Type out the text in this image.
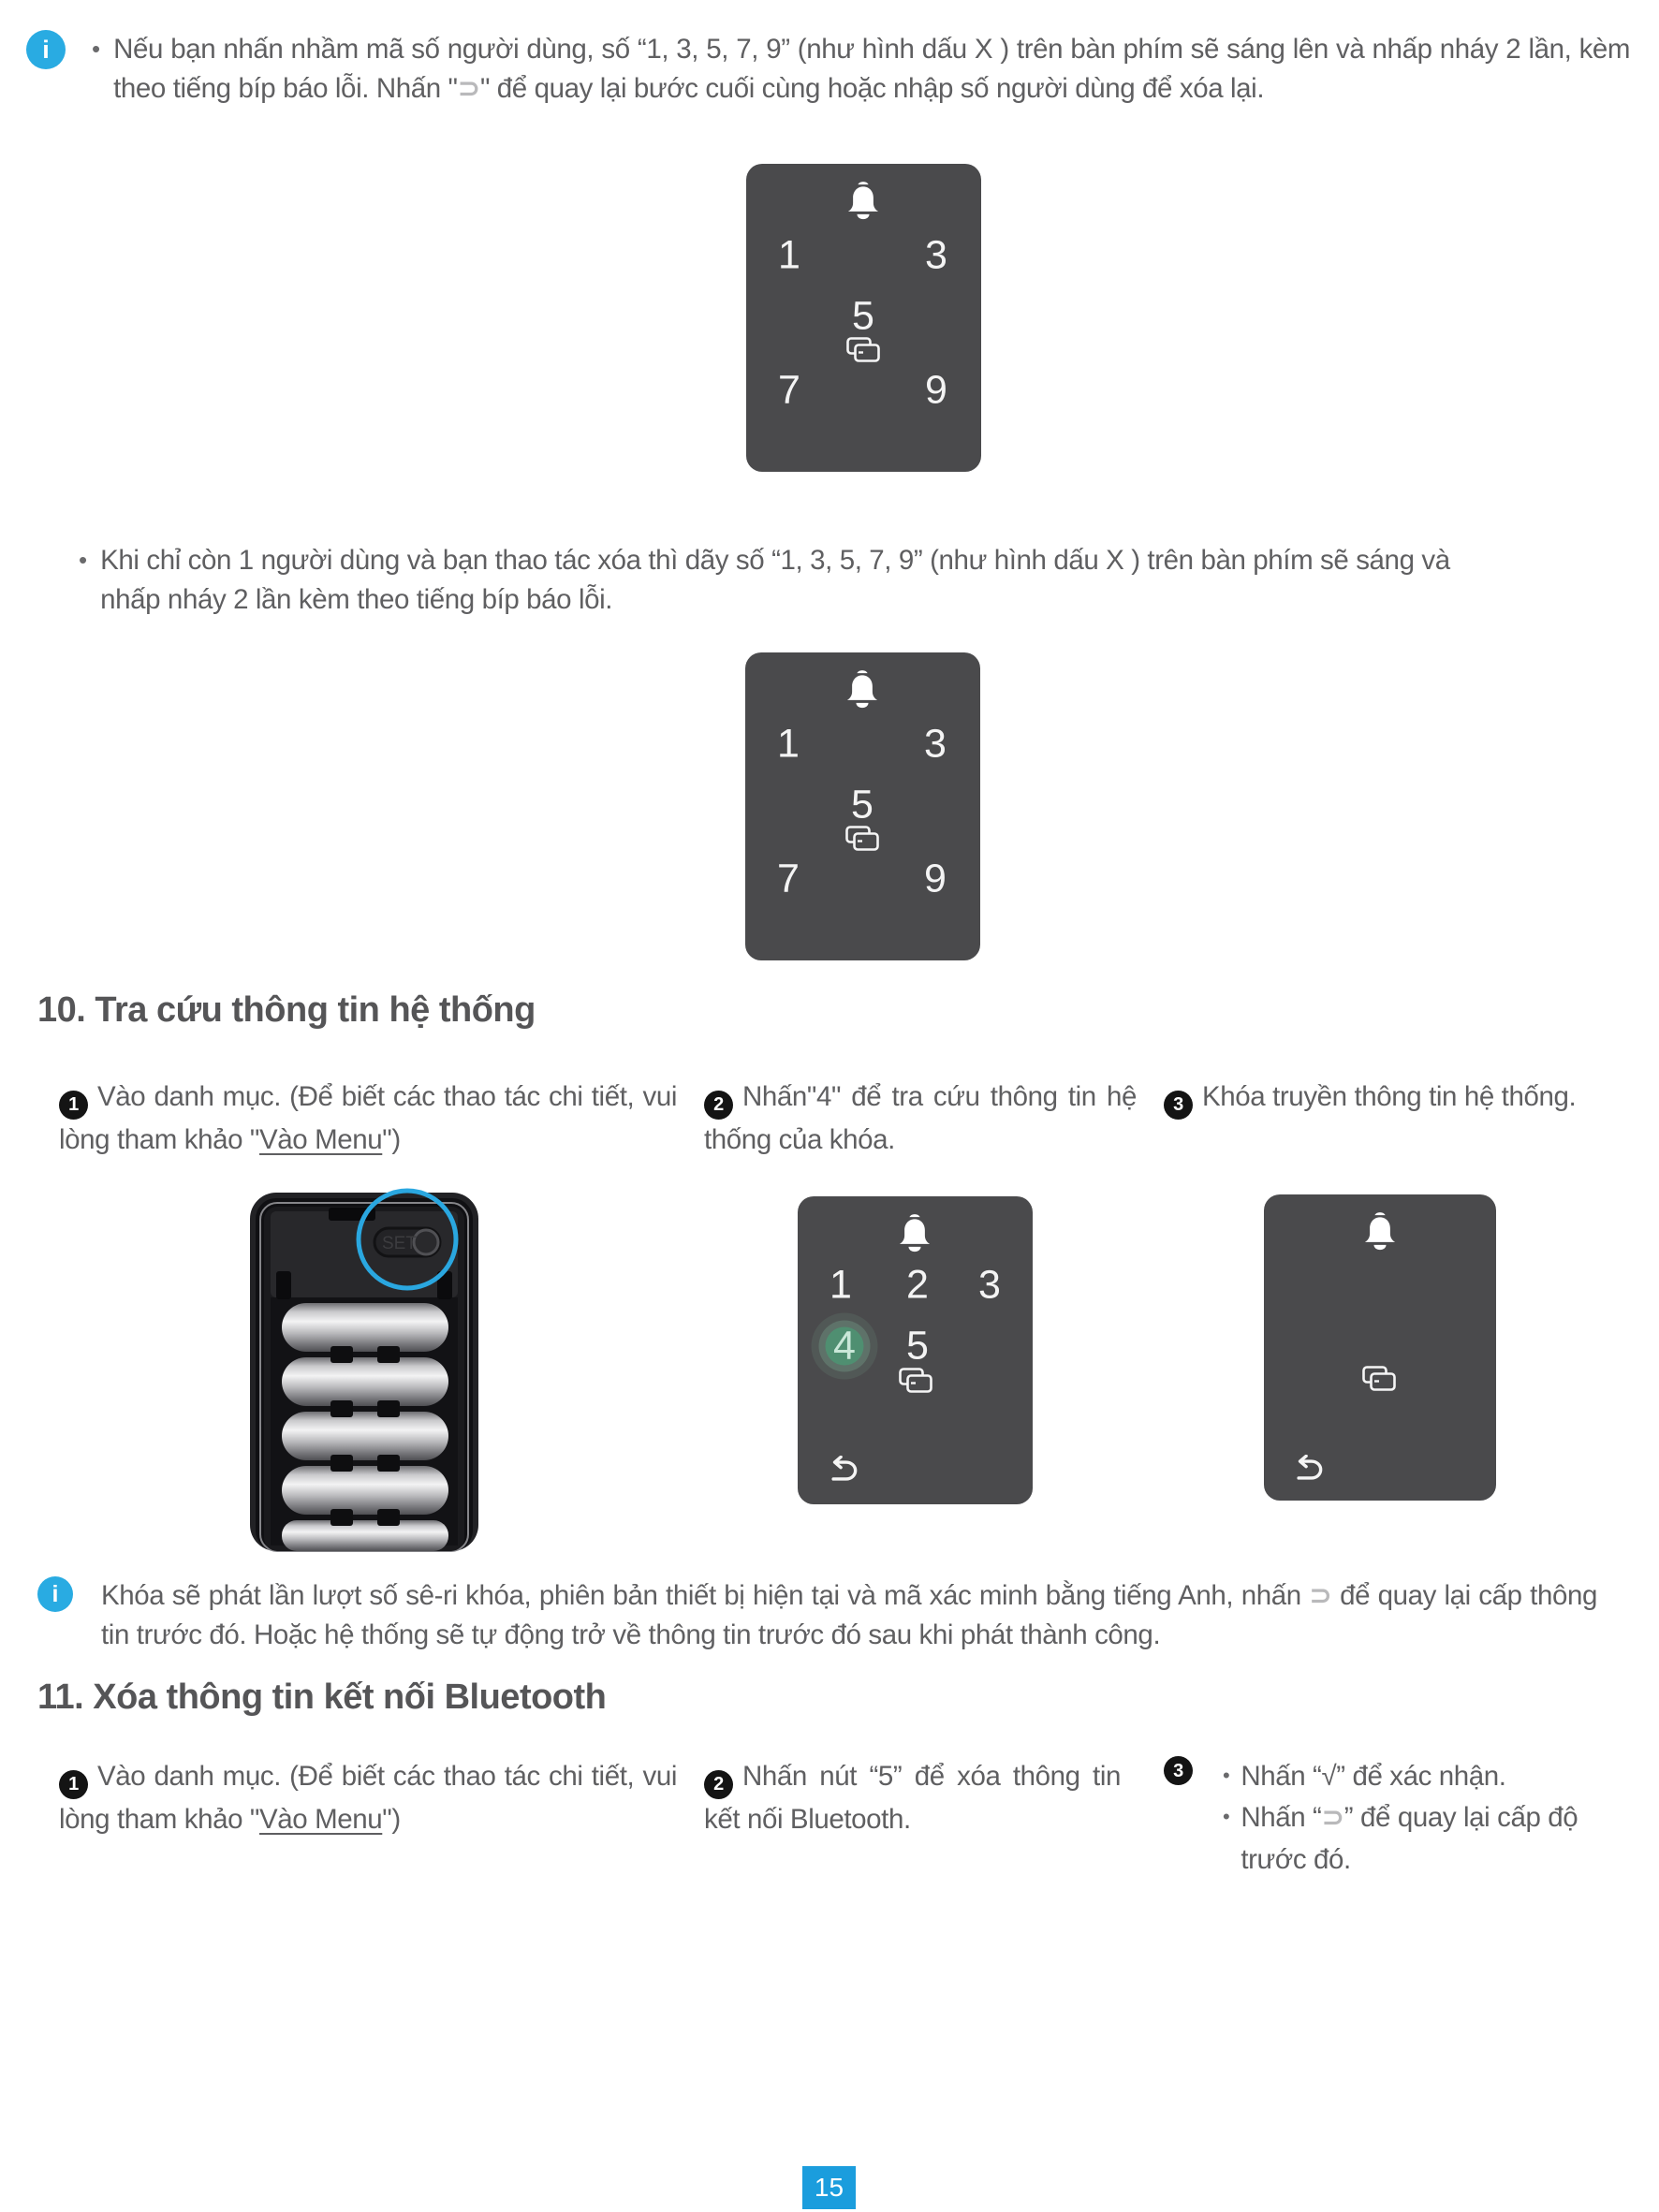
i • Nếu bạn nhấn nhầm mã số người dùng, số “1, 3, 5, 7, 9” (như hình dấu X ) trên bàn phím sẽ sáng lên và nhấp nháy 2 lần, kèm theo tiếng bíp báo lỗi. Nhấn "⊃" để quay lại bước cuối cùng hoặc nhập số người dùng để xóa lại.

1	3
5
7	9
• Khi chỉ còn 1 người dùng và bạn thao tác xóa thì dãy số “1, 3, 5, 7, 9” (như hình dấu X ) trên bàn phím sẽ sáng và nhấp nháy 2 lần kèm theo tiếng bíp báo lỗi.

1	3
5
7	9
10. Tra cứu thông tin hệ thống
1 Vào danh mục. (Để biết các thao tác chi tiết, vui lòng tham khảo "Vào Menu")
2 Nhấn"4" để tra cứu thông tin hệ thống của khóa.
3 Khóa truyền thông tin hệ thống.
SET
1 2 3
4 5
i Khóa sẽ phát lần lượt số sê-ri khóa, phiên bản thiết bị hiện tại và mã xác minh bằng tiếng Anh, nhấn ⊃ để quay lại cấp thông tin trước đó. Hoặc hệ thống sẽ tự động trở về thông tin trước đó sau khi phát thành công.

11. Xóa thông tin kết nối Bluetooth
1 Vào danh mục. (Để biết các thao tác chi tiết, vui lòng tham khảo "Vào Menu")
2 Nhấn nút “5” để xóa thông tin kết nối Bluetooth.
3 • Nhấn “√” để xác nhận.
• Nhấn “⊃” để quay lại cấp độ trước đó.
15
